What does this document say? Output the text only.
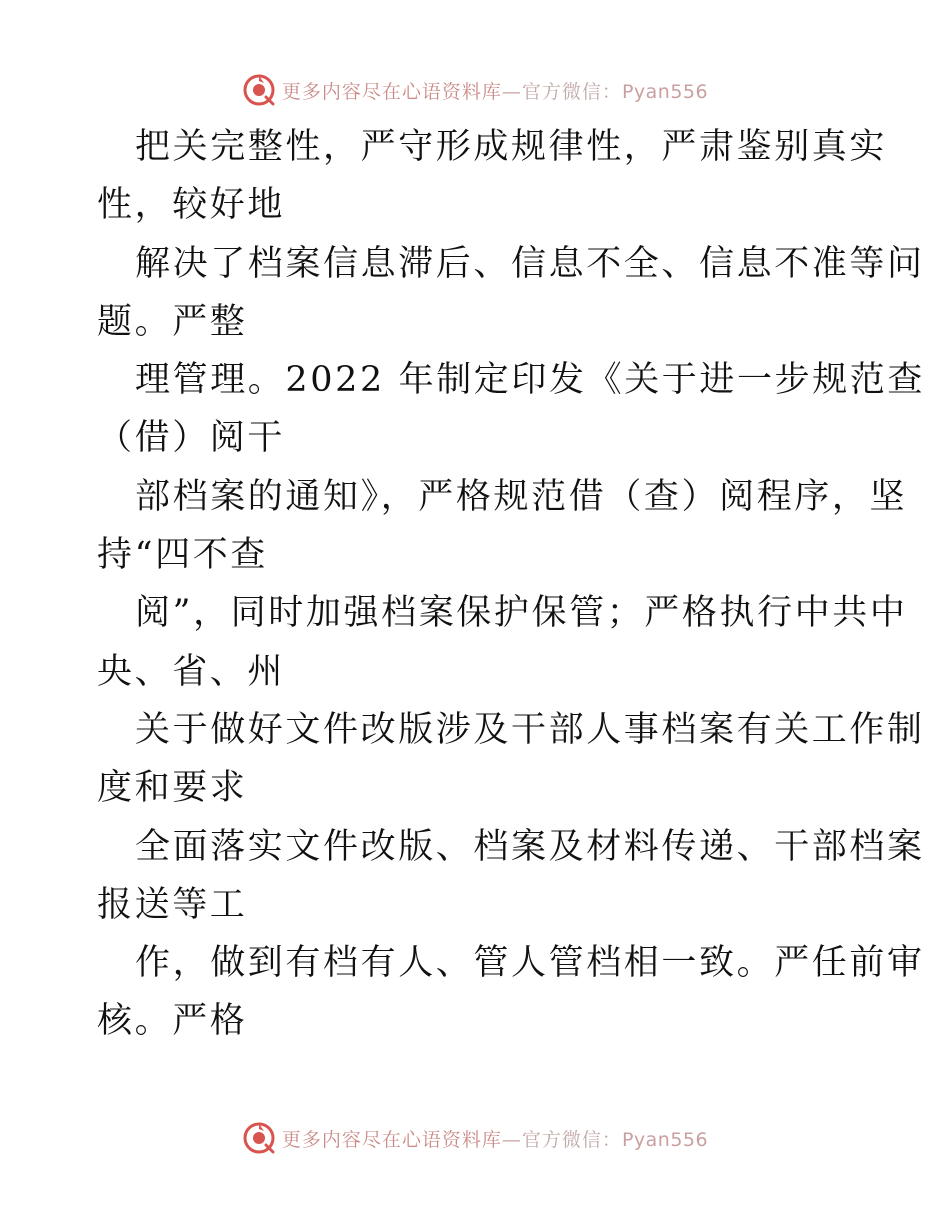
更多内容尽在心语资料库—官方微信：Pyan556
把关完整性，严守形成规律性，严肃鉴别真实
性，较好地
解决了档案信息滞后、信息不全、信息不准等问
题。严整
理管理。2022 年制定印发《关于进一步规范查
（借）阅干
部档案的通知》，严格规范借（查）阅程序，坚
持“四不查
阅”，同时加强档案保护保管；严格执行中共中
央、省、州
关于做好文件改版涉及干部人事档案有关工作制
度和要求
全面落实文件改版、档案及材料传递、干部档案
报送等工
作，做到有档有人、管人管档相一致。严任前审
核。严格
更多内容尽在心语资料库—官方微信：Pyan556
